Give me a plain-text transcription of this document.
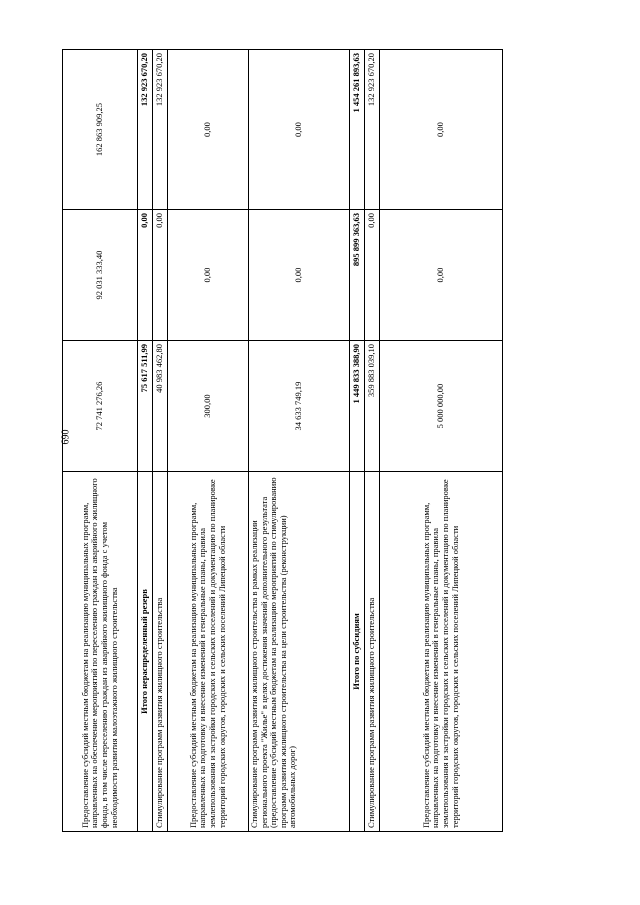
690
Предоставление субсидий местным бюджетам на реализацию муниципальных программ, направленных на обеспечение мероприятий по переселению граждан из аварийного жилищного фонда, в том числе переселению граждан из аварийного жилищного фонда с учетом необходимости развития малоэтажного жилищного строительства	72 741 276,26	92 031 333,40	162 863 909,25
Итого нераспределенный резерв	75 617 511,99	0,00	132 923 670,20
Стимулирование программ развития жилищного строительства	40 983 462,80	0,00	132 923 670,20
Предоставление субсидий местным бюджетам на реализацию муниципальных программ, направленных на подготовку и внесение изменений в генеральные планы, правила землепользования и застройки городских и сельских поселений и документацию по планировке территорий городских округов, городских и сельских поселений Липецкой области	300,00	0,00	0,00
Стимулирование программ развития жилищного строительства в рамках реализации регионального проекта "Жилье" в целях достижения значений дополнительного результата (предоставление субсидий местным бюджетам на реализацию мероприятий по стимулированию программ развития жилищного строительства на цели строительства (реконструкции) автомобильных дорог)	34 633 749,19	0,00	0,00
Итого по субсидиям	1 449 833 388,90	895 899 363,63	1 454 261 893,63
Стимулирование программ развития жилищного строительства	359 883 039,10	0,00	132 923 670,20
Предоставление субсидий местным бюджетам на реализацию муниципальных программ, направленных на подготовку и внесение изменений в генеральные планы, правила землепользования и застройки городских и сельских поселений и документацию по планировке территорий городских округов, городских и сельских поселений Липецкой области	5 000 000,00	0,00	0,00
